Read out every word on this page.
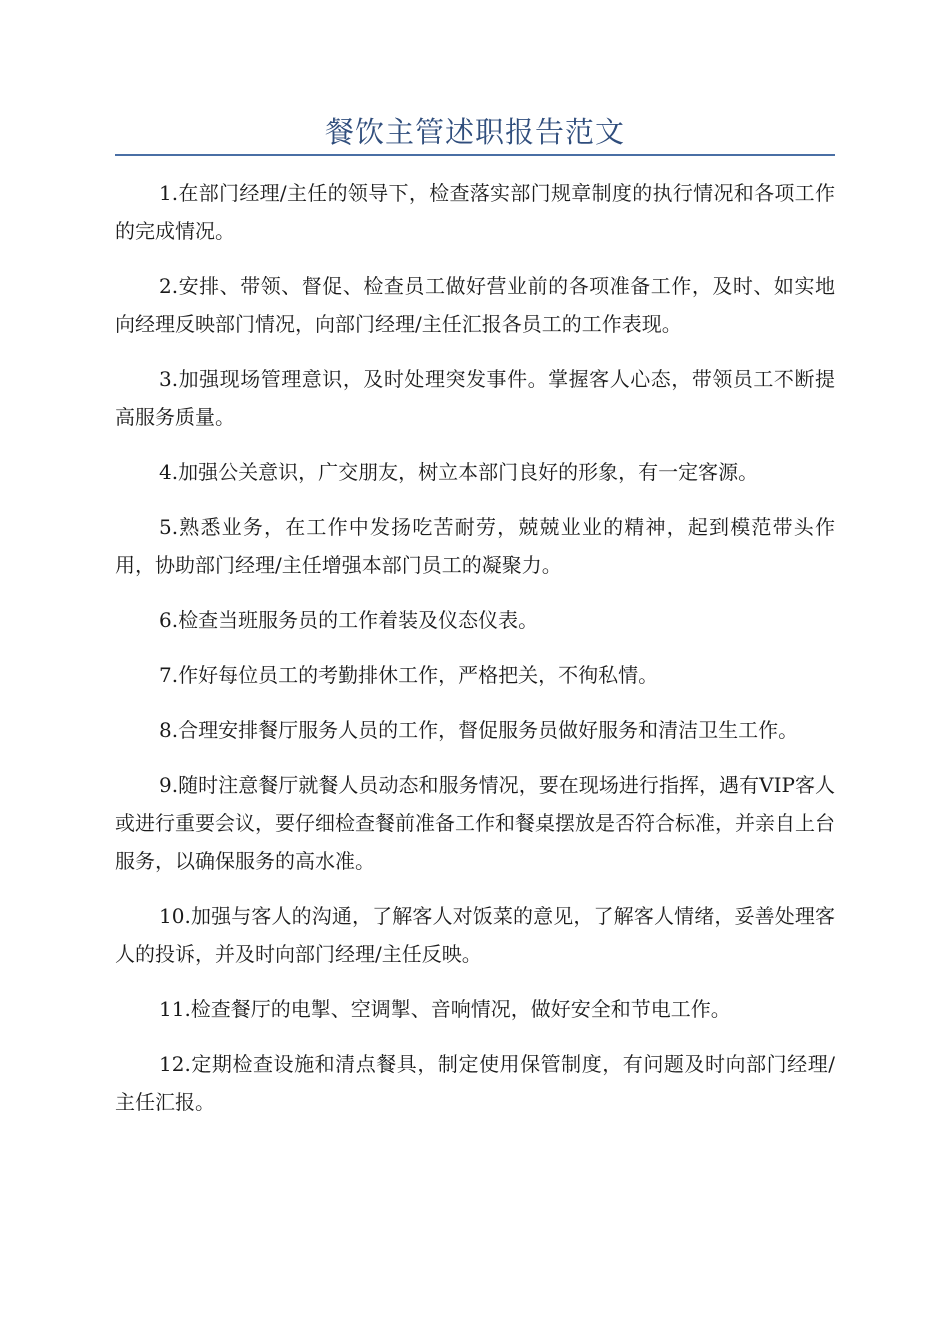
餐饮主管述职报告范文

1.在部门经理/主任的领导下，检查落实部门规章制度的执行情况和各项工作的完成情况。

2.安排、带领、督促、检查员工做好营业前的各项准备工作，及时、如实地向经理反映部门情况，向部门经理/主任汇报各员工的工作表现。

3.加强现场管理意识，及时处理突发事件。掌握客人心态，带领员工不断提高服务质量。

4.加强公关意识，广交朋友，树立本部门良好的形象，有一定客源。

5.熟悉业务，在工作中发扬吃苦耐劳，兢兢业业的精神，起到模范带头作用，协助部门经理/主任增强本部门员工的凝聚力。

6.检查当班服务员的工作着装及仪态仪表。

7.作好每位员工的考勤排休工作，严格把关，不徇私情。

8.合理安排餐厅服务人员的工作，督促服务员做好服务和清洁卫生工作。

9.随时注意餐厅就餐人员动态和服务情况，要在现场进行指挥，遇有VIP客人或进行重要会议，要仔细检查餐前准备工作和餐桌摆放是否符合标准，并亲自上台服务，以确保服务的高水准。

10.加强与客人的沟通，了解客人对饭菜的意见，了解客人情绪，妥善处理客人的投诉，并及时向部门经理/主任反映。

11.检查餐厅的电掣、空调掣、音响情况，做好安全和节电工作。

12.定期检查设施和清点餐具，制定使用保管制度，有问题及时向部门经理/主任汇报。
